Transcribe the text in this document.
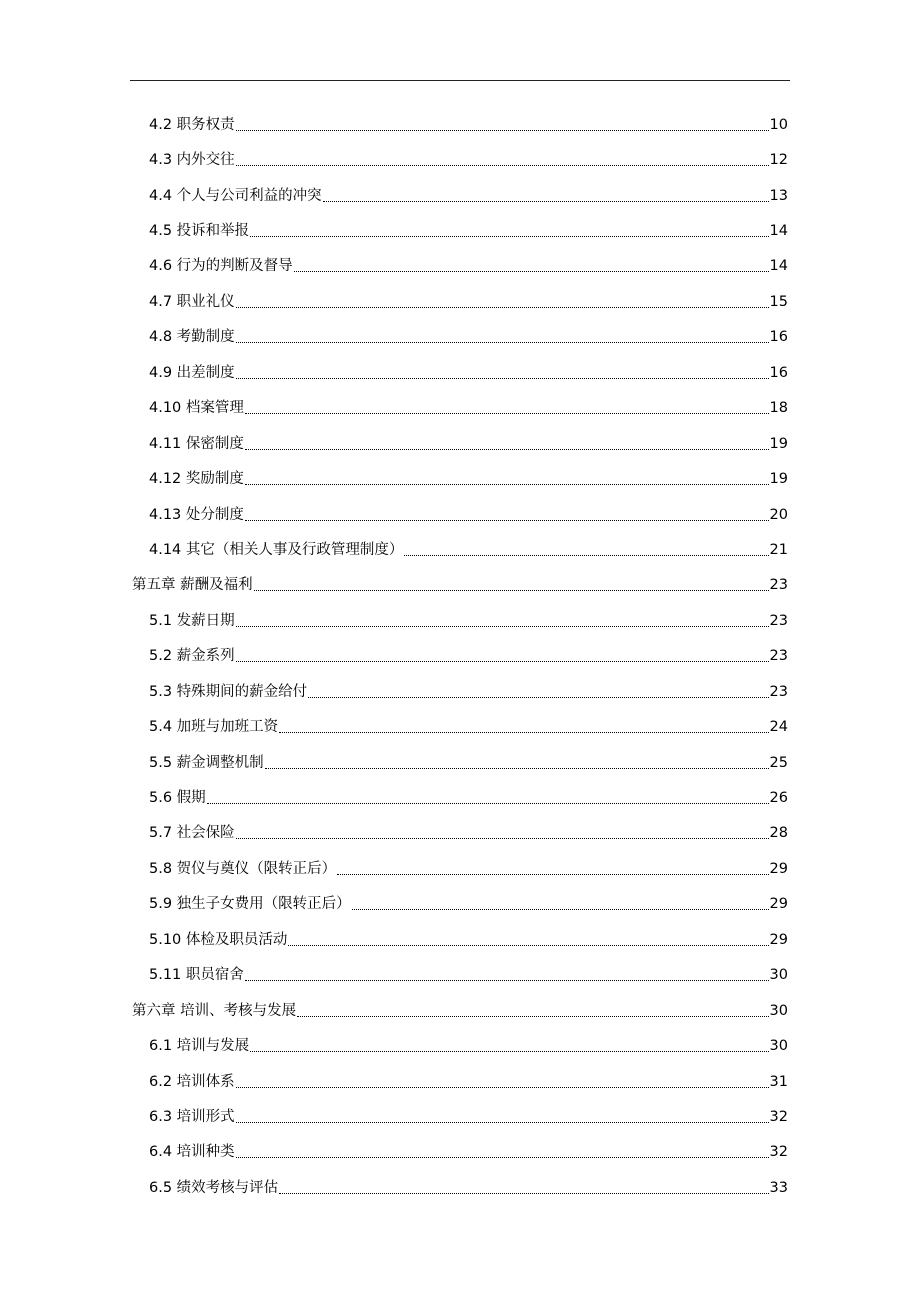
4.2 职务权责	10
4.3 内外交往	12
4.4 个人与公司利益的冲突	13
4.5 投诉和举报	14
4.6 行为的判断及督导	14
4.7 职业礼仪	15
4.8 考勤制度	16
4.9 出差制度	16
4.10 档案管理	18
4.11 保密制度	19
4.12 奖励制度	19
4.13 处分制度	20
4.14 其它（相关人事及行政管理制度）	21
第五章 薪酬及福利	23
5.1 发薪日期	23
5.2 薪金系列	23
5.3 特殊期间的薪金给付	23
5.4 加班与加班工资	24
5.5 薪金调整机制	25
5.6 假期	26
5.7 社会保险	28
5.8 贺仪与奠仪（限转正后）	29
5.9 独生子女费用（限转正后）	29
5.10 体检及职员活动	29
5.11 职员宿舍	30
第六章 培训、考核与发展	30
6.1 培训与发展	30
6.2 培训体系	31
6.3 培训形式	32
6.4 培训种类	32
6.5 绩效考核与评估	33
